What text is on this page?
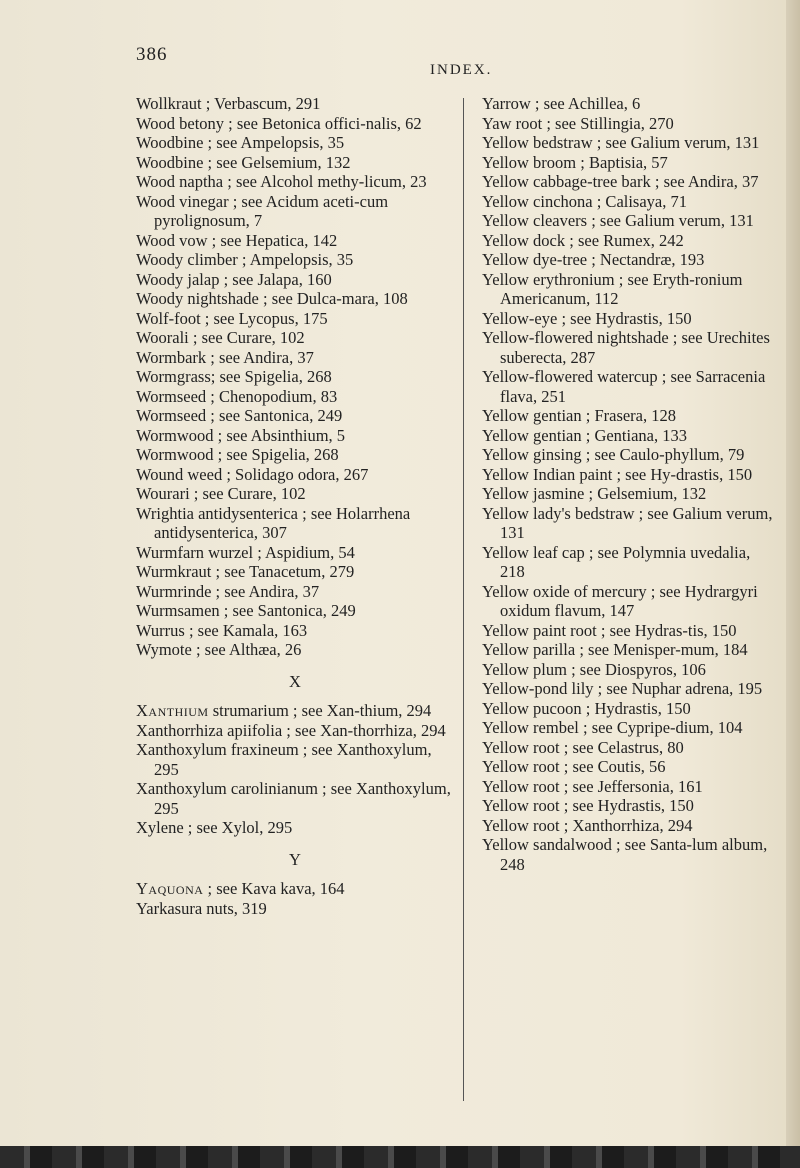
386
INDEX.

Wollkraut ; Verbascum, 291

Wood betony ; see Betonica offici-nalis, 62

Woodbine ; see Ampelopsis, 35

Woodbine ; see Gelsemium, 132

Wood naptha ; see Alcohol methy-licum, 23

Wood vinegar ; see Acidum aceti-cum pyrolignosum, 7

Wood vow ; see Hepatica, 142

Woody climber ; Ampelopsis, 35

Woody jalap ; see Jalapa, 160

Woody nightshade ; see Dulca-mara, 108

Wolf-foot ; see Lycopus, 175

Woorali ; see Curare, 102

Wormbark ; see Andira, 37

Wormgrass; see Spigelia, 268

Wormseed ; Chenopodium, 83

Wormseed ; see Santonica, 249

Wormwood ; see Absinthium, 5

Wormwood ; see Spigelia, 268

Wound weed ; Solidago odora, 267

Wourari ; see Curare, 102

Wrightia antidysenterica ; see Holarrhena antidysenterica, 307

Wurmfarn wurzel ; Aspidium, 54

Wurmkraut ; see Tanacetum, 279

Wurmrinde ; see Andira, 37

Wurmsamen ; see Santonica, 249

Wurrus ; see Kamala, 163

Wymote ; see Althæa, 26

X

Xanthium strumarium ; see Xan-thium, 294

Xanthorrhiza apiifolia ; see Xan-thorrhiza, 294

Xanthoxylum fraxineum ; see Xanthoxylum, 295

Xanthoxylum carolinianum ; see Xanthoxylum, 295

Xylene ; see Xylol, 295

Y

Yaquona ; see Kava kava, 164

Yarkasura nuts, 319

Yarrow ; see Achillea, 6

Yaw root ; see Stillingia, 270

Yellow bedstraw ; see Galium verum, 131

Yellow broom ; Baptisia, 57

Yellow cabbage-tree bark ; see Andira, 37

Yellow cinchona ; Calisaya, 71

Yellow cleavers ; see Galium verum, 131

Yellow dock ; see Rumex, 242

Yellow dye-tree ; Nectandræ, 193

Yellow erythronium ; see Eryth-ronium Americanum, 112

Yellow-eye ; see Hydrastis, 150

Yellow-flowered nightshade ; see Urechites suberecta, 287

Yellow-flowered watercup ; see Sarracenia flava, 251

Yellow gentian ; Frasera, 128

Yellow gentian ; Gentiana, 133

Yellow ginsing ; see Caulo-phyllum, 79

Yellow Indian paint ; see Hy-drastis, 150

Yellow jasmine ; Gelsemium, 132

Yellow lady's bedstraw ; see Galium verum, 131

Yellow leaf cap ; see Polymnia uvedalia, 218

Yellow oxide of mercury ; see Hydrargyri oxidum flavum, 147

Yellow paint root ; see Hydras-tis, 150

Yellow parilla ; see Menisper-mum, 184

Yellow plum ; see Diospyros, 106

Yellow-pond lily ; see Nuphar adrena, 195

Yellow pucoon ; Hydrastis, 150

Yellow rembel ; see Cypripe-dium, 104

Yellow root ; see Celastrus, 80

Yellow root ; see Coutis, 56

Yellow root ; see Jeffersonia, 161

Yellow root ; see Hydrastis, 150

Yellow root ; Xanthorrhiza, 294

Yellow sandalwood ; see Santa-lum album, 248
